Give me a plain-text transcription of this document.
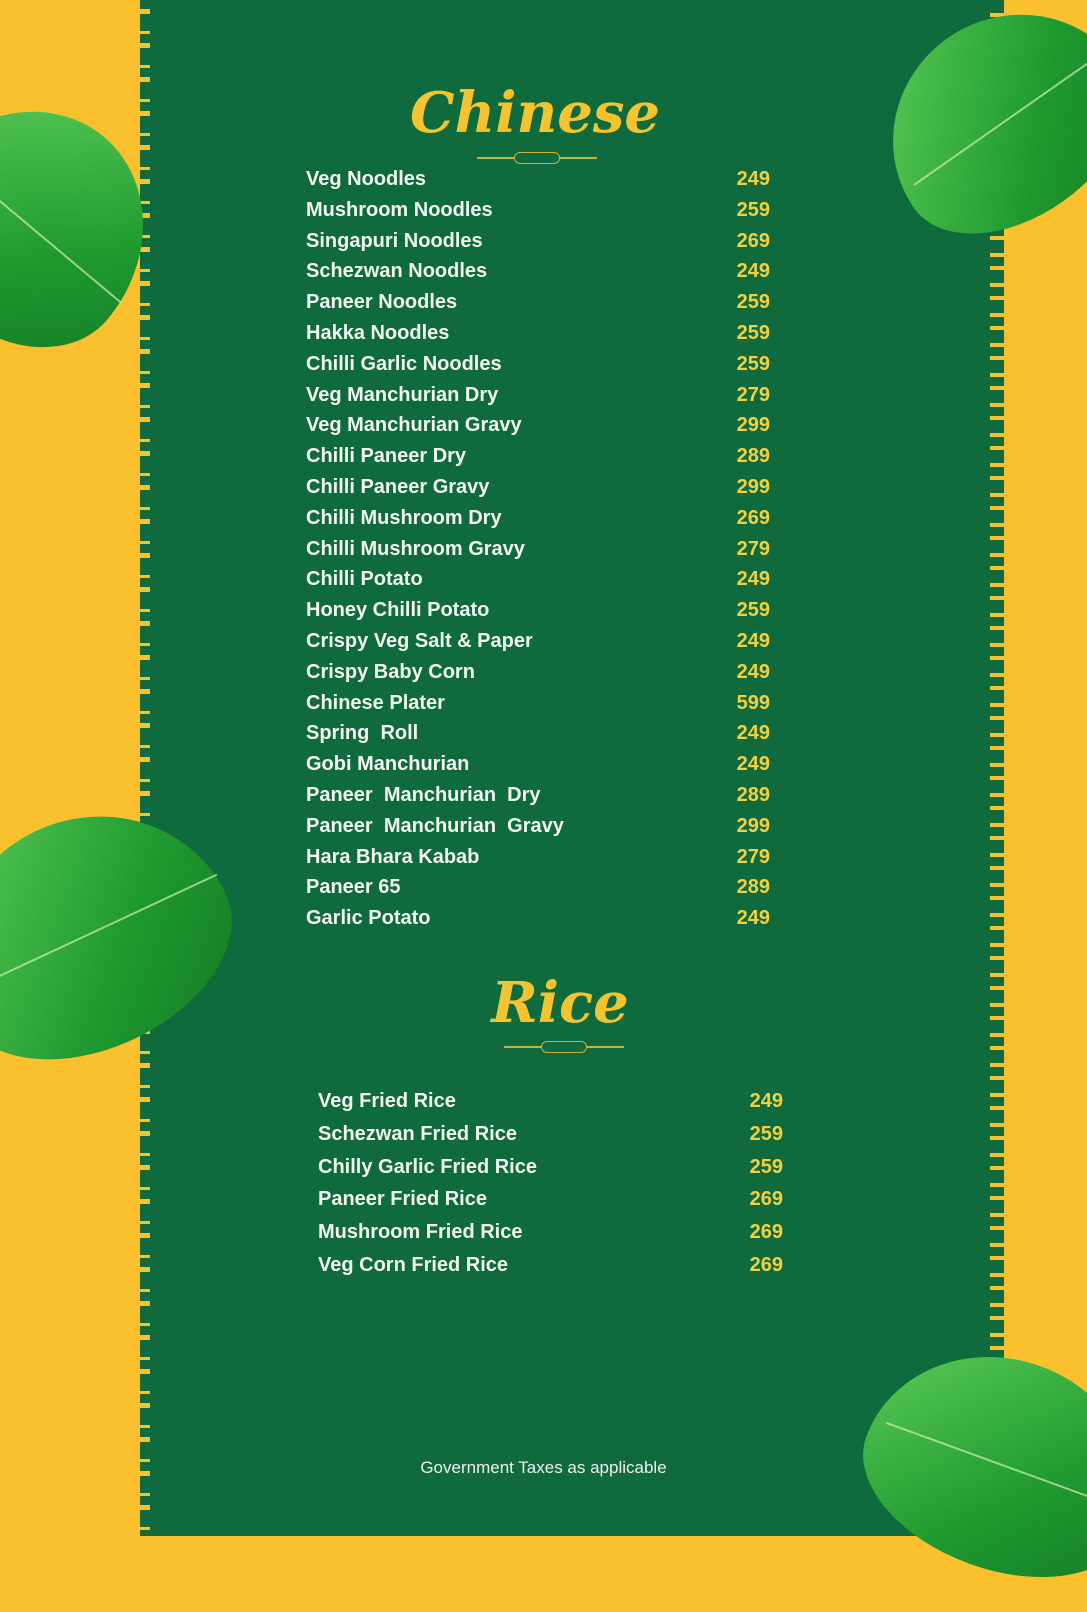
Chinese
Veg Noodles	249
Mushroom Noodles	259
Singapuri Noodles	269
Schezwan Noodles	249
Paneer Noodles	259
Hakka Noodles	259
Chilli Garlic Noodles	259
Veg Manchurian Dry	279
Veg Manchurian Gravy	299
Chilli Paneer Dry	289
Chilli Paneer Gravy	299
Chilli Mushroom Dry	269
Chilli Mushroom Gravy	279
Chilli Potato	249
Honey Chilli Potato	259
Crispy Veg Salt & Paper	249
Crispy Baby Corn	249
Chinese Plater	599
Spring  Roll	249
Gobi Manchurian	249
Paneer  Manchurian  Dry	289
Paneer  Manchurian  Gravy	299
Hara Bhara Kabab	279
Paneer 65	289
Garlic Potato	249
Rice
Veg Fried Rice	249
Schezwan Fried Rice	259
Chilly Garlic Fried Rice	259
Paneer Fried Rice	269
Mushroom Fried Rice	269
Veg Corn Fried Rice	269
Government Taxes as applicable
